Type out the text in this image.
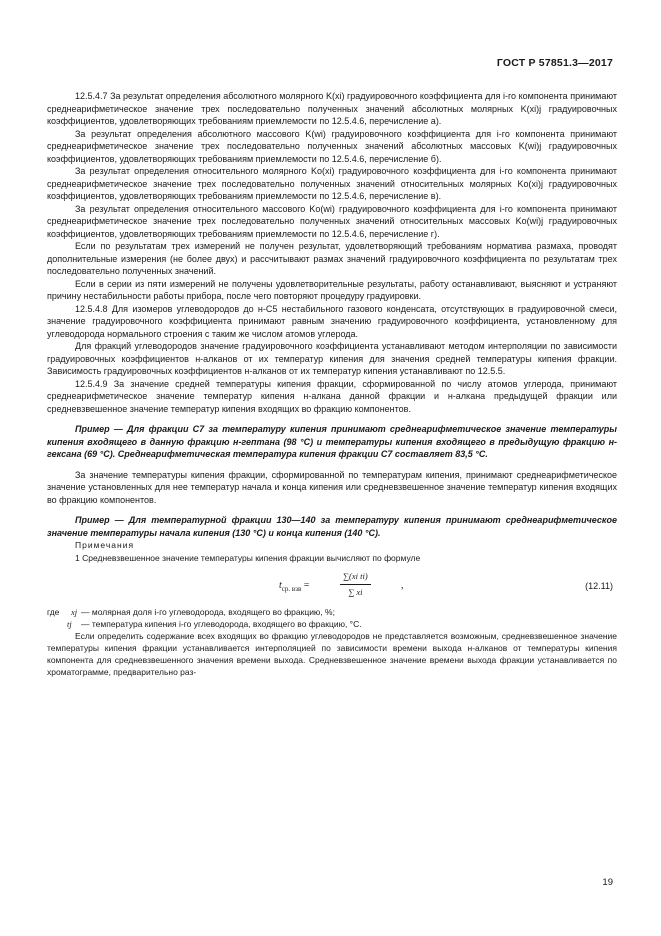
ГОСТ Р 57851.3—2017

12.5.4.7 За результат определения абсолютного молярного K(xi) градуировочного коэффициента для i-го компонента принимают среднеарифметическое значение трех последовательно полученных значений абсолютных молярных K(xi)j градуировочных коэффициентов, удовлетворяющих требованиям приемлемости по 12.5.4.6, перечисление а).

За результат определения абсолютного массового K(wi) градуировочного коэффициента для i-го компонента принимают среднеарифметическое значение трех последовательно полученных значений абсолютных массовых K(wi)j градуировочных коэффициентов, удовлетворяющих требованиям приемлемости по 12.5.4.6, перечисление б).

За результат определения относительного молярного Ko(xi) градуировочного коэффициента для i-го компонента принимают среднеарифметическое значение трех последовательно полученных значений относительных молярных Ko(xi)j градуировочных коэффициентов, удовлетворяющих требованиям приемлемости по 12.5.4.6, перечисление в).

За результат определения относительного массового Ko(wi) градуировочного коэффициента для i-го компонента принимают среднеарифметическое значение трех последовательно полученных значений относительных массовых Ko(wi)j градуировочных коэффициентов, удовлетворяющих требованиям приемлемости по 12.5.4.6, перечисление г).

Если по результатам трех измерений не получен результат, удовлетворяющий требованиям норматива размаха, проводят дополнительные измерения (не более двух) и рассчитывают размах значений градуировочного коэффициента по результатам трех последовательно полученных значений.

Если в серии из пяти измерений не получены удовлетворительные результаты, работу останавливают, выясняют и устраняют причину нестабильности работы прибора, после чего повторяют процедуру градуировки.

12.5.4.8 Для изомеров углеводородов до н-C5 нестабильного газового конденсата, отсутствующих в градуировочной смеси, значение градуировочного коэффициента принимают равным значению градуировочного коэффициента, установленному для углеводорода нормального строения с таким же числом атомов углерода.

Для фракций углеводородов значение градуировочного коэффициента устанавливают методом интерполяции по зависимости градуировочных коэффициентов н-алканов от их температур кипения для значения средней температуры кипения фракции. Зависимость градуировочных коэффициентов н-алканов от их температур кипения устанавливают по 12.5.5.

12.5.4.9 За значение средней температуры кипения фракции, сформированной по числу атомов углерода, принимают среднеарифметическое значение температур кипения н-алкана данной фракции и н-алкана предыдущей фракции или средневзвешенное значение температур кипения входящих во фракцию компонентов.

Пример — Для фракции C7 за температуру кипения принимают среднеарифметическое значение температуры кипения входящего в данную фракцию н-гептана (98 °C) и температуры кипения входящего в предыдущую фракцию н-гексана (69 °C). Среднеарифметическая температура кипения фракции C7 составляет 83,5 °C.

За значение температуры кипения фракции, сформированной по температурам кипения, принимают среднеарифметическое значение установленных для нее температур начала и конца кипения или средневзвешенное значение температур кипения входящих во фракцию компонентов.

Пример — Для температурной фракции 130—140 за температуру кипения принимают среднеарифметическое значение температуры начала кипения (130 °C) и конца кипения (140 °C).

Примечания

1 Средневзвешенное значение температуры кипения фракции вычисляют по формуле

$t_{ср. взв}$ =	$\frac{\text{∑(xi ti)}}{\sum xi}$	,	(12.11)
где xj — молярная доля i-го углеводорода, входящего во фракцию, %;
tj — температура кипения i-го углеводорода, входящего во фракцию, °C.

Если определить содержание всех входящих во фракцию углеводородов не представляется возможным, средневзвешенное значение температуры кипения фракции устанавливается интерполяцией по зависимости времени выхода н-алканов от температуры кипения компонента для средневзвешенного значения времени выхода. Средневзвешенное значение времени выхода фракции устанавливается по хроматограмме, предварительно раз-

19
